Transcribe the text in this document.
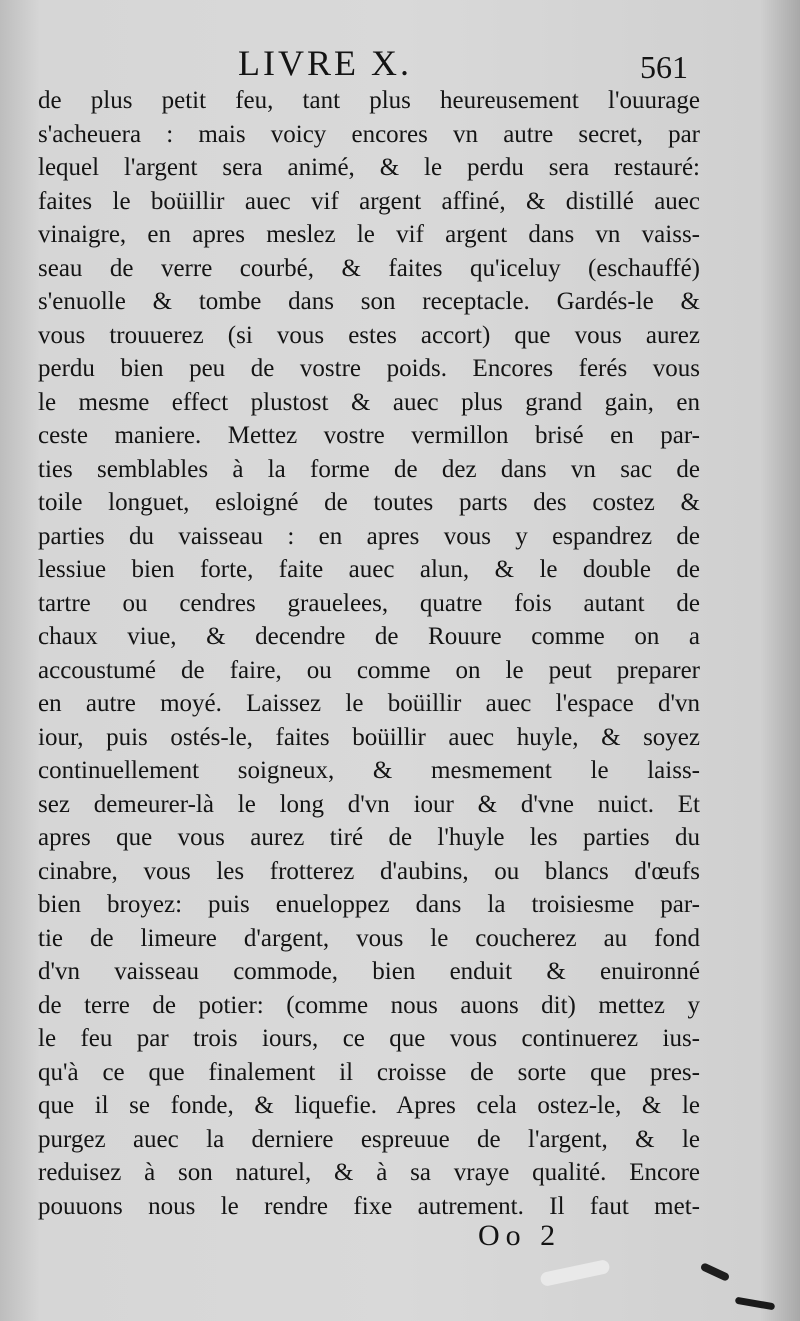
LIVRE X.	561
de plus petit feu, tant plus heureusement l'ouurage
s'acheuera : mais voicy encores vn autre secret, par
lequel l'argent sera animé, & le perdu sera restauré:
faites le boüillir auec vif argent affiné, & distillé auec
vinaigre, en apres meslez le vif argent dans vn vaiss-
seau de verre courbé, & faites qu'iceluy (eschauffé)
s'enuolle & tombe dans son receptacle. Gardés-le &
vous trouuerez (si vous estes accort) que vous aurez
perdu bien peu de vostre poids. Encores ferés vous
le mesme effect plustost & auec plus grand gain, en
ceste maniere. Mettez vostre vermillon brisé en par-
ties semblables à la forme de dez dans vn sac de
toile longuet, esloigné de toutes parts des costez &
parties du vaisseau : en apres vous y espandrez de
lessiue bien forte, faite auec alun, & le double de
tartre ou cendres grauelees, quatre fois autant de
chaux viue, & decendre de Rouure comme on a
accoustumé de faire, ou comme on le peut preparer
en autre moyé. Laissez le boüillir auec l'espace d'vn
iour, puis ostés-le, faites boüillir auec huyle, & soyez
continuellement soigneux, & mesmement le laiss-
sez demeurer-là le long d'vn iour & d'vne nuict. Et
apres que vous aurez tiré de l'huyle les parties du
cinabre, vous les frotterez d'aubins, ou blancs d'œufs
bien broyez: puis enueloppez dans la troisiesme par-
tie de limeure d'argent, vous le coucherez au fond
d'vn vaisseau commode, bien enduit & enuironné
de terre de potier: (comme nous auons dit) mettez y
le feu par trois iours, ce que vous continuerez ius-
qu'à ce que finalement il croisse de sorte que pres-
que il se fonde, & liquefie. Apres cela ostez-le, & le
purgez auec la derniere espreuue de l'argent, & le
reduisez à son naturel, & à sa vraye qualité. Encore
pouuons nous le rendre fixe autrement. Il faut met-
Oo 2
